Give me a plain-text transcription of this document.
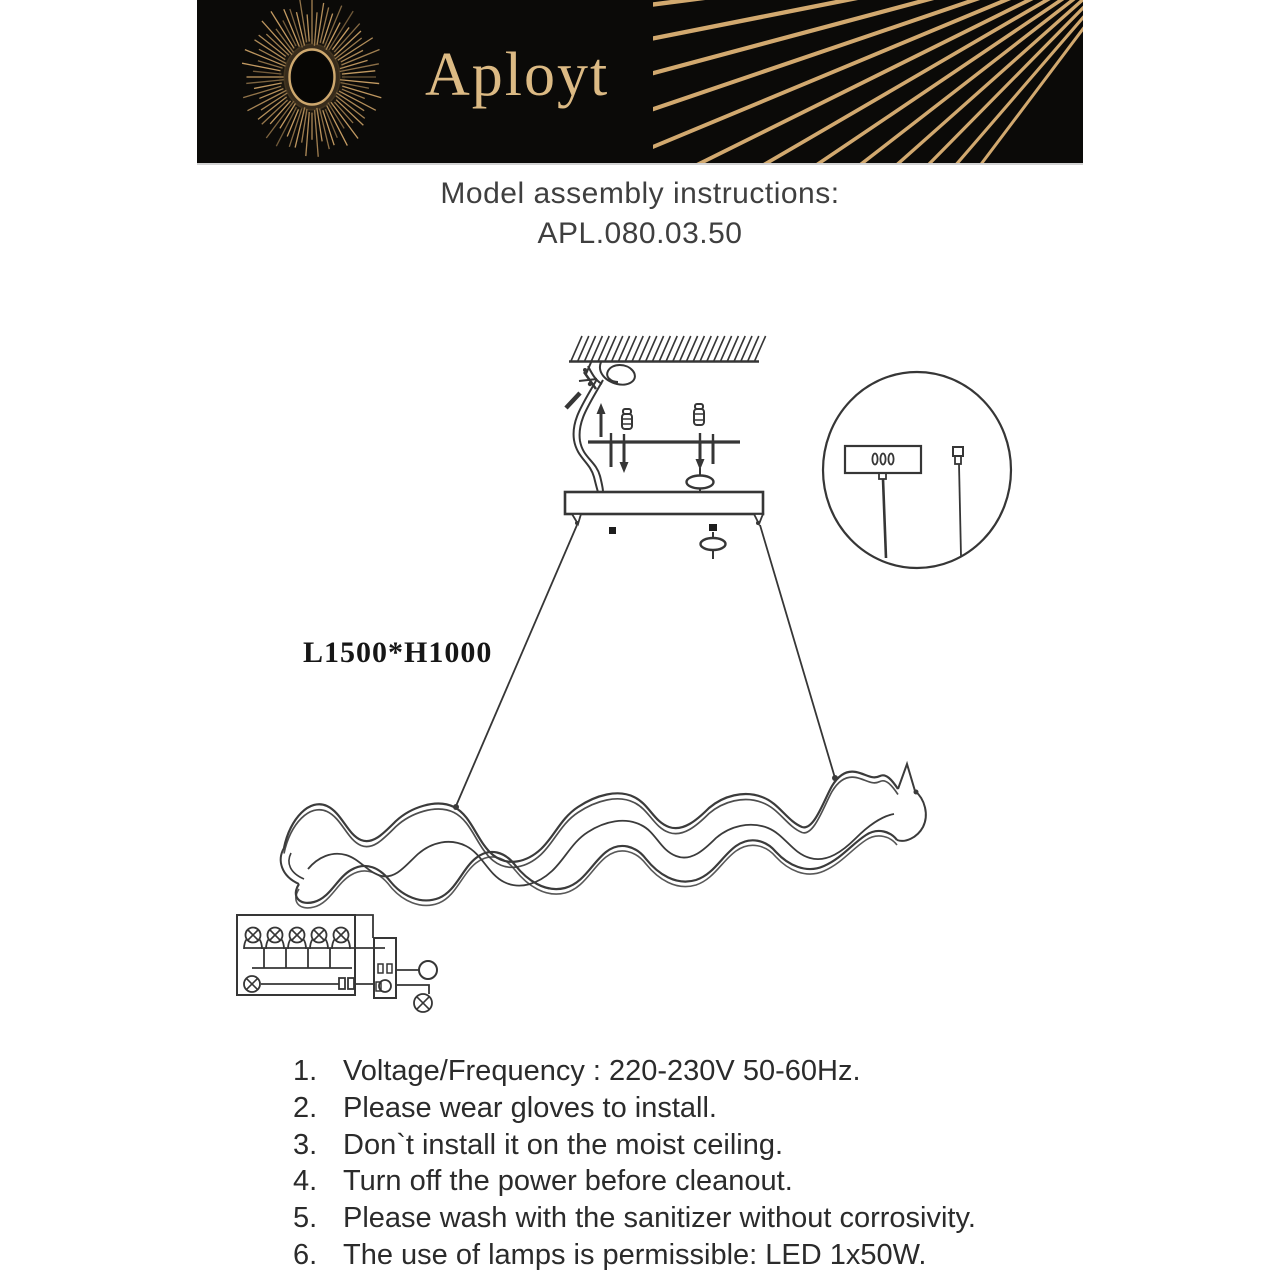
Aployt
Model assembly instructions:
APL.080.03.50
L1500*H1000
1. Voltage/Frequency : 220-230V 50-60Hz.
2. Please wear gloves to install.
3. Don`t install it on the moist ceiling.
4. Turn off the power before cleanout.
5. Please wash with the sanitizer without corrosivity.
6. The use of lamps is permissible: LED 1x50W.
